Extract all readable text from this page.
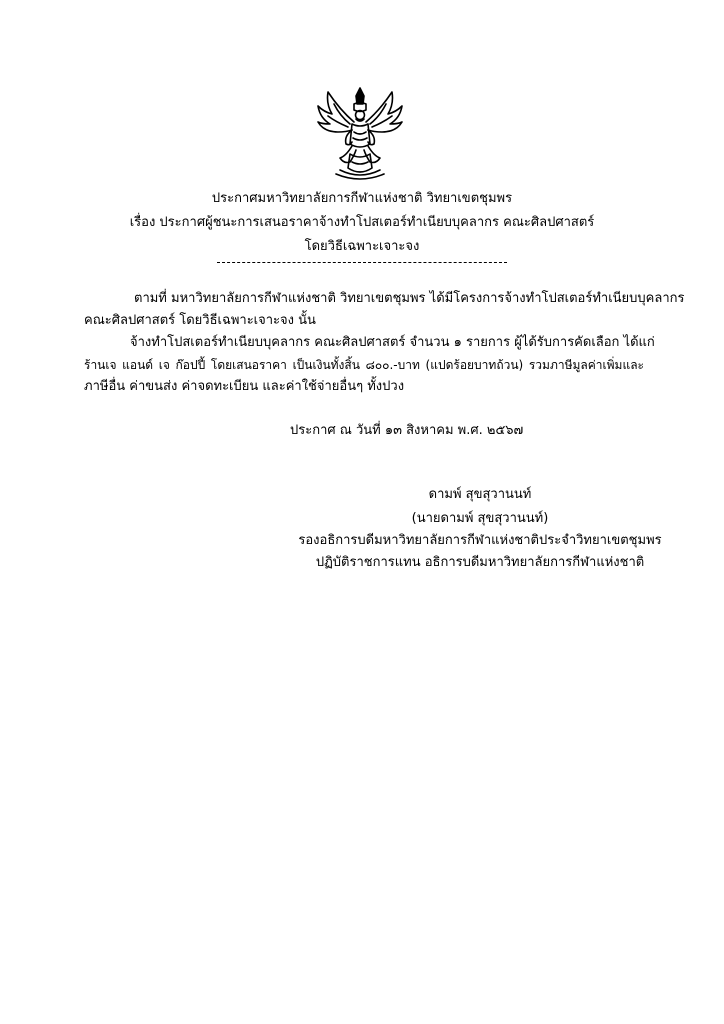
ประกาศมหาวิทยาลัยการกีฬาแห่งชาติ วิทยาเขตชุมพร
เรื่อง ประกาศผู้ชนะการเสนอราคาจ้างทำโปสเตอร์ทำเนียบบุคลากร คณะศิลปศาสตร์
โดยวิธีเฉพาะเจาะจง
ตามที่ มหาวิทยาลัยการกีฬาแห่งชาติ วิทยาเขตชุมพร ได้มีโครงการจ้างทำโปสเตอร์ทำเนียบบุคลากร
คณะศิลปศาสตร์ โดยวิธีเฉพาะเจาะจง นั้น
จ้างทำโปสเตอร์ทำเนียบบุคลากร คณะศิลปศาสตร์ จำนวน ๑ รายการ ผู้ได้รับการคัดเลือก ได้แก่
ร้านเจ แอนด์ เจ ก๊อปปี้ โดยเสนอราคา เป็นเงินทั้งสิ้น ๘๐๐.-บาท (แปดร้อยบาทถ้วน) รวมภาษีมูลค่าเพิ่มและ
ภาษีอื่น ค่าขนส่ง ค่าจดทะเบียน และค่าใช้จ่ายอื่นๆ ทั้งปวง
ประกาศ ณ วันที่ ๑๓ สิงหาคม พ.ศ. ๒๕๖๗
ดามพ์ สุขสุวานนท์
(นายดามพ์ สุขสุวานนท์)
รองอธิการบดีมหาวิทยาลัยการกีฬาแห่งชาติประจำวิทยาเขตชุมพร
ปฏิบัติราชการแทน อธิการบดีมหาวิทยาลัยการกีฬาแห่งชาติ
